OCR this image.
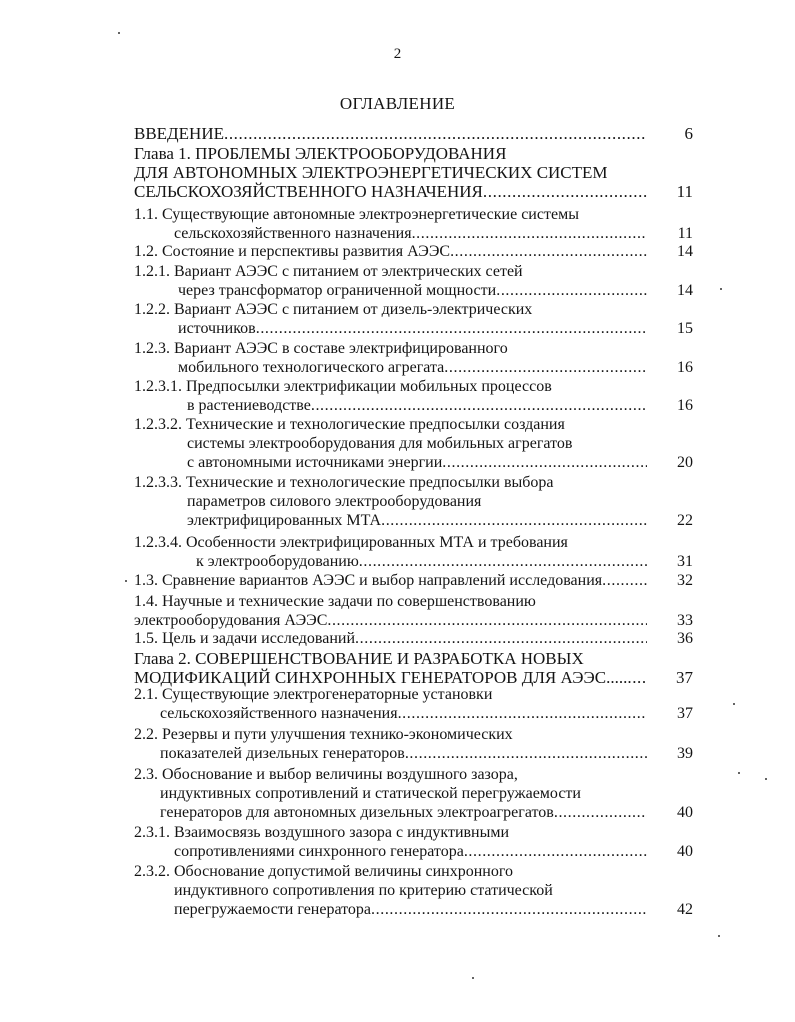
2
ОГЛАВЛЕНИЕ
ВВЕДЕНИЕ .....	6
Глава 1. ПРОБЛЕМЫ ЭЛЕКТРООБОРУДОВАНИЯ
ДЛЯ АВТОНОМНЫХ ЭЛЕКТРОЭНЕРГЕТИЧЕСКИХ СИСТЕМ
СЕЛЬСКОХОЗЯЙСТВЕННОГО НАЗНАЧЕНИЯ .....	11
1.1. Существующие автономные электроэнергетические системы
сельскохозяйственного назначения .....	11
1.2. Состояние и перспективы развития АЭЭС .....	14
1.2.1. Вариант АЭЭС с питанием от электрических сетей
через трансформатор ограниченной мощности .....	14
1.2.2. Вариант АЭЭС с питанием от дизель-электрических
источников .....	15
1.2.3. Вариант АЭЭС в составе электрифицированного
мобильного технологического агрегата .....	16
1.2.3.1. Предпосылки электрификации мобильных процессов
в растениеводстве .....	16
1.2.3.2. Технические и технологические предпосылки создания
системы электрооборудования для мобильных агрегатов
с автономными источниками энергии .....	20
1.2.3.3. Технические и технологические предпосылки выбора
параметров силового электрооборудования
электрифицированных МТА .....	22
1.2.3.4. Особенности электрифицированных МТА и требования
к электрооборудованию .....	31
1.3. Сравнение вариантов АЭЭС и выбор направлений исследования .....	32
1.4. Научные и технические задачи по совершенствованию
электрооборудования АЭЭС .....	33
1.5. Цель и задачи исследований .....	36
Глава 2. СОВЕРШЕНСТВОВАНИЕ И РАЗРАБОТКА НОВЫХ
МОДИФИКАЦИЙ СИНХРОННЫХ ГЕНЕРАТОРОВ ДЛЯ АЭЭС..... .....	37
2.1. Существующие электрогенераторные установки
сельскохозяйственного назначения .....	37
2.2. Резервы и пути улучшения технико-экономических
показателей дизельных генераторов .....	39
2.3. Обоснование и выбор величины воздушного зазора,
индуктивных сопротивлений и статической перегружаемости
генераторов для автономных дизельных электроагрегатов .....	40
2.3.1. Взаимосвязь воздушного зазора с индуктивными
сопротивлениями синхронного генератора .....	40
2.3.2. Обоснование допустимой величины синхронного
индуктивного сопротивления по критерию статической
перегружаемости генератора .....	42
